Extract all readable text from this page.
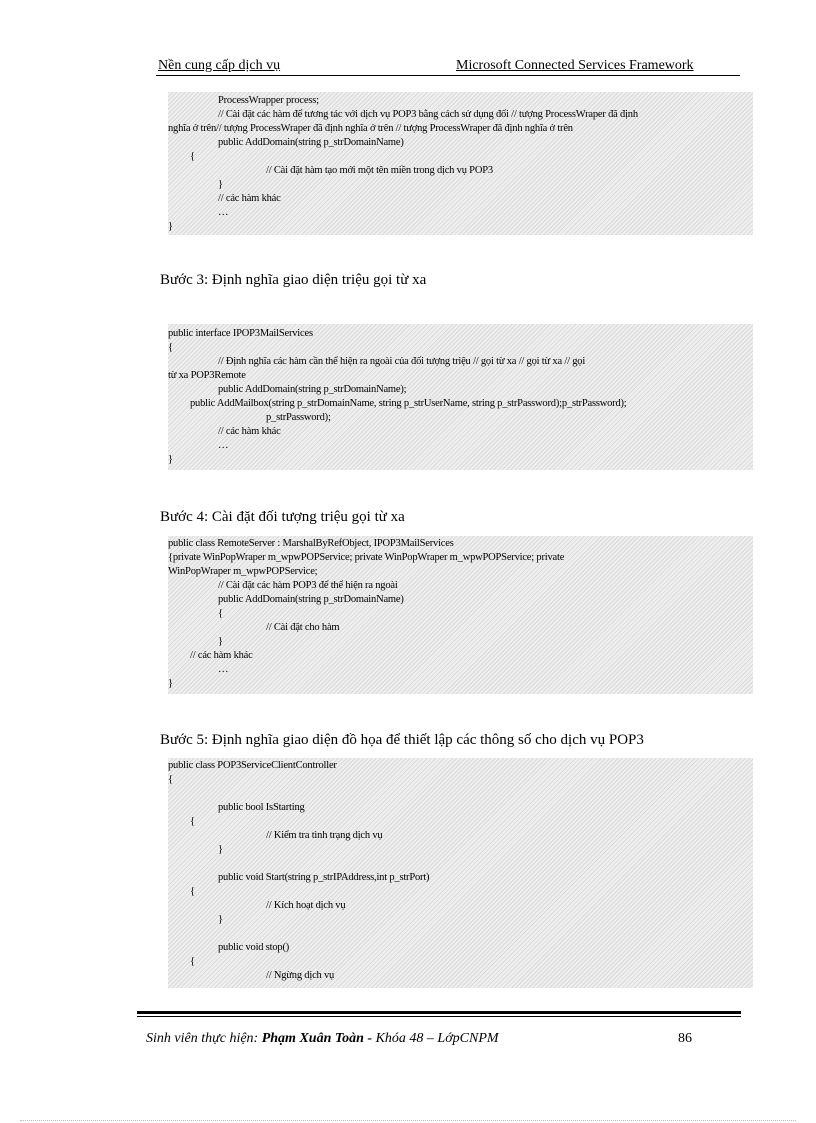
Nền cung cấp dịch vụ	Microsoft Connected Services Framework
ProcessWrapper process;
// Cài đặt các hàm để tương tác với dịch vụ POP3 bằng cách sử dụng đối // tượng ProcessWraper đã định
nghĩa ở trên// tượng ProcessWraper đã định nghĩa ở trên // tượng ProcessWraper đã định nghĩa ở trên
public AddDomain(string p_strDomainName)
{
// Cài đặt hàm tạo mới một tên miền trong dịch vụ POP3
}
// các hàm khác
…
}
Bước 3: Định nghĩa giao diện triệu gọi từ xa
public interface IPOP3MailServices
{
// Định nghĩa các hàm cần thể hiện ra ngoài của đối tượng triệu // gọi từ xa // gọi từ xa // gọi
từ xa POP3Remote
public AddDomain(string p_strDomainName);
public AddMailbox(string p_strDomainName, string p_strUserName, string p_strPassword);p_strPassword);
p_strPassword);
// các hàm khác
…
}
Bước 4: Cài đặt đối tượng triệu gọi từ xa
public class RemoteServer : MarshalByRefObject, IPOP3MailServices
{private WinPopWraper m_wpwPOPService; private WinPopWraper m_wpwPOPService; private
WinPopWraper m_wpwPOPService;
// Cài đặt các hàm POP3 để thể hiện ra ngoài
public AddDomain(string p_strDomainName)
{
// Cài đặt cho hàm
}
// các hàm khác
…
}
Bước 5: Định nghĩa giao diện đồ họa để thiết lập các thông số cho dịch vụ POP3
public class POP3ServiceClientController
{
public bool IsStarting
{
// Kiểm tra tình trạng dịch vụ
}
public void Start(string p_strIPAddress,int p_strPort)
{
// Kích hoạt dịch vụ
}
public void stop()
{
// Ngừng dịch vụ
Sinh viên thực hiện: Phạm Xuân Toàn - Khóa 48 – LớpCNPM	86
